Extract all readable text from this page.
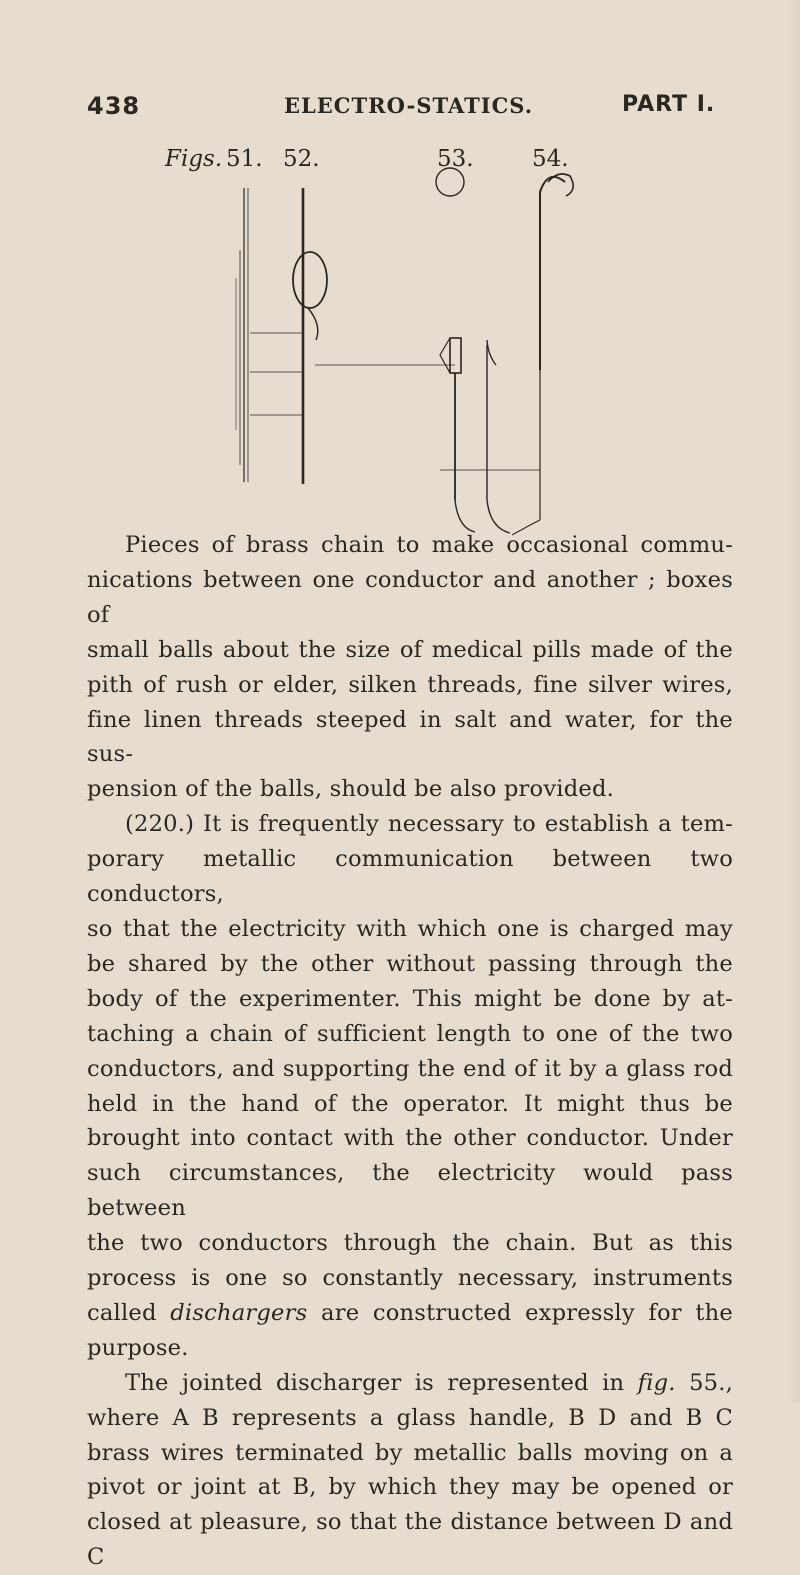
438	ELECTRO-STATICS.	PART I.
Figs. 51. 52.	53.	54.

Pieces of brass chain to make occasional commu-

nications between one conductor and another ; boxes of

small balls about the size of medical pills made of the

pith of rush or elder, silken threads, fine silver wires,

fine linen threads steeped in salt and water, for the sus-

pension of the balls, should be also provided.

(220.) It is frequently necessary to establish a tem-

porary metallic communication between two conductors,

so that the electricity with which one is charged may

be shared by the other without passing through the

body of the experimenter. This might be done by at-

taching a chain of sufficient length to one of the two

conductors, and supporting the end of it by a glass rod

held in the hand of the operator. It might thus be

brought into contact with the other conductor. Under

such circumstances, the electricity would pass between

the two conductors through the chain. But as this

process is one so constantly necessary, instruments

called dischargers are constructed expressly for the

purpose.

The jointed discharger is represented in fig. 55.,

where A B represents a glass handle, B D and B C

brass wires terminated by metallic balls moving on a

pivot or joint at B, by which they may be opened or

closed at pleasure, so that the distance between D and C
